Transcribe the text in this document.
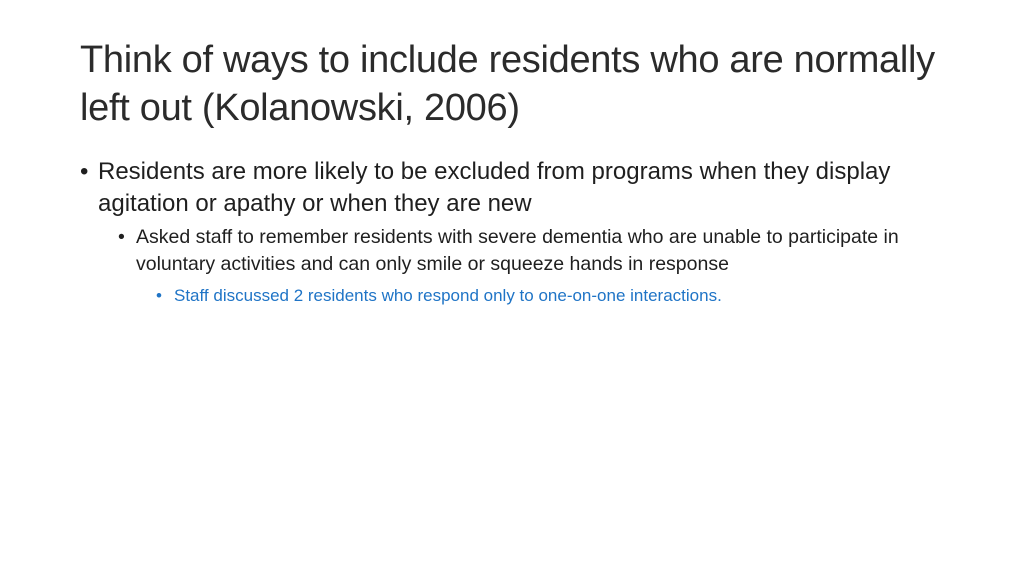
Think of ways to include residents who are normally left out (Kolanowski, 2006)
• Residents are more likely to be excluded from programs when they display agitation or apathy or when they are new
• Asked staff to remember residents with severe dementia who are unable to participate in voluntary activities and can only smile or squeeze hands in response
• Staff discussed 2 residents who respond only to one-on-one interactions.
